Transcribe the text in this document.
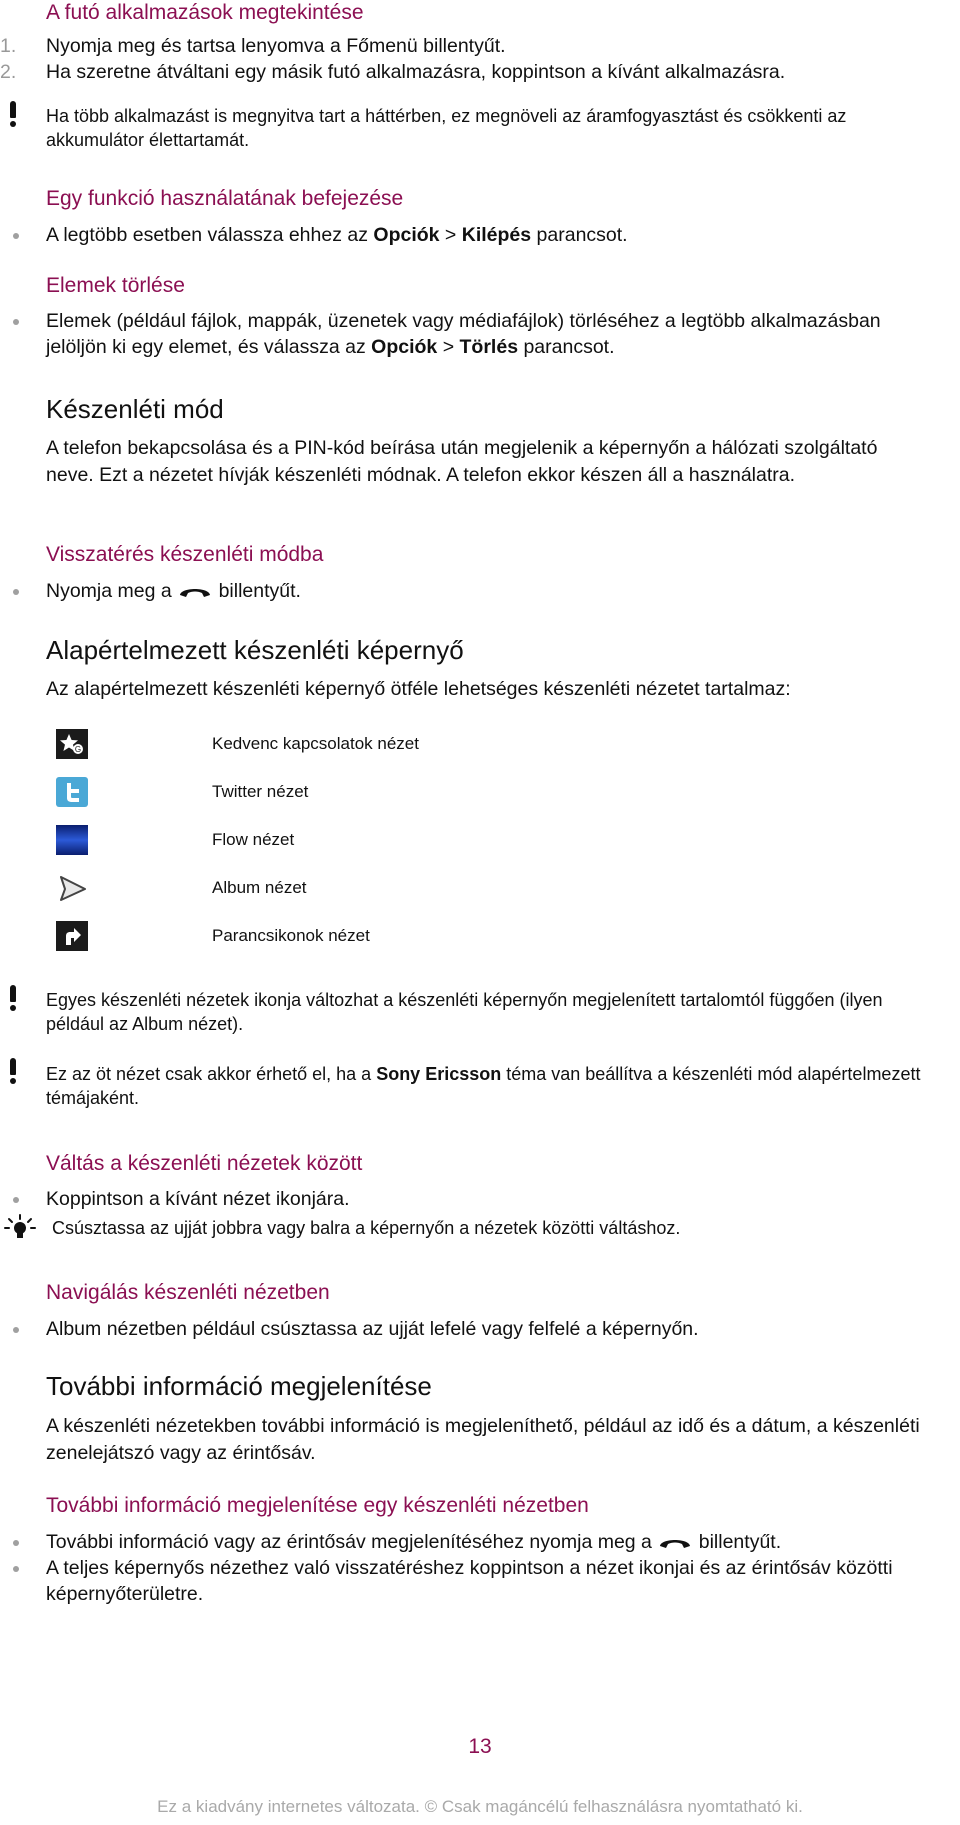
A futó alkalmazások megtekintése
1. Nyomja meg és tartsa lenyomva a Főmenü billentyűt.
2. Ha szeretne átváltani egy másik futó alkalmazásra, koppintson a kívánt alkalmazásra.
Ha több alkalmazást is megnyitva tart a háttérben, ez megnöveli az áramfogyasztást és csökkenti az akkumulátor élettartamát.
Egy funkció használatának befejezése
A legtöbb esetben válassza ehhez az Opciók > Kilépés parancsot.
Elemek törlése
Elemek (például fájlok, mappák, üzenetek vagy médiafájlok) törléséhez a legtöbb alkalmazásban jelöljön ki egy elemet, és válassza az Opciók > Törlés parancsot.
Készenléti mód
A telefon bekapcsolása és a PIN-kód beírása után megjelenik a képernyőn a hálózati szolgáltató neve. Ezt a nézetet hívják készenléti módnak. A telefon ekkor készen áll a használatra.
Visszatérés készenléti módba
Nyomja meg a billentyűt.
Alapértelmezett készenléti képernyő
Az alapértelmezett készenléti képernyő ötféle lehetséges készenléti nézetet tartalmaz:
G	Kedvenc kapcsolatok nézet
Twitter nézet
Flow nézet
Album nézet
Parancsikonok nézet
Egyes készenléti nézetek ikonja változhat a készenléti képernyőn megjelenített tartalomtól függően (ilyen például az Album nézet).
Ez az öt nézet csak akkor érhető el, ha a Sony Ericsson téma van beállítva a készenléti mód alapértelmezett témájaként.
Váltás a készenléti nézetek között
Koppintson a kívánt nézet ikonjára.
Csúsztassa az ujját jobbra vagy balra a képernyőn a nézetek közötti váltáshoz.
Navigálás készenléti nézetben
Album nézetben például csúsztassa az ujját lefelé vagy felfelé a képernyőn.
További információ megjelenítése
A készenléti nézetekben további információ is megjeleníthető, például az idő és a dátum, a készenléti zenelejátszó vagy az érintősáv.
További információ megjelenítése egy készenléti nézetben
További információ vagy az érintősáv megjelenítéséhez nyomja meg a billentyűt.
A teljes képernyős nézethez való visszatéréshez koppintson a nézet ikonjai és az érintősáv közötti képernyőterületre.
13
Ez a kiadvány internetes változata. © Csak magáncélú felhasználásra nyomtatható ki.
